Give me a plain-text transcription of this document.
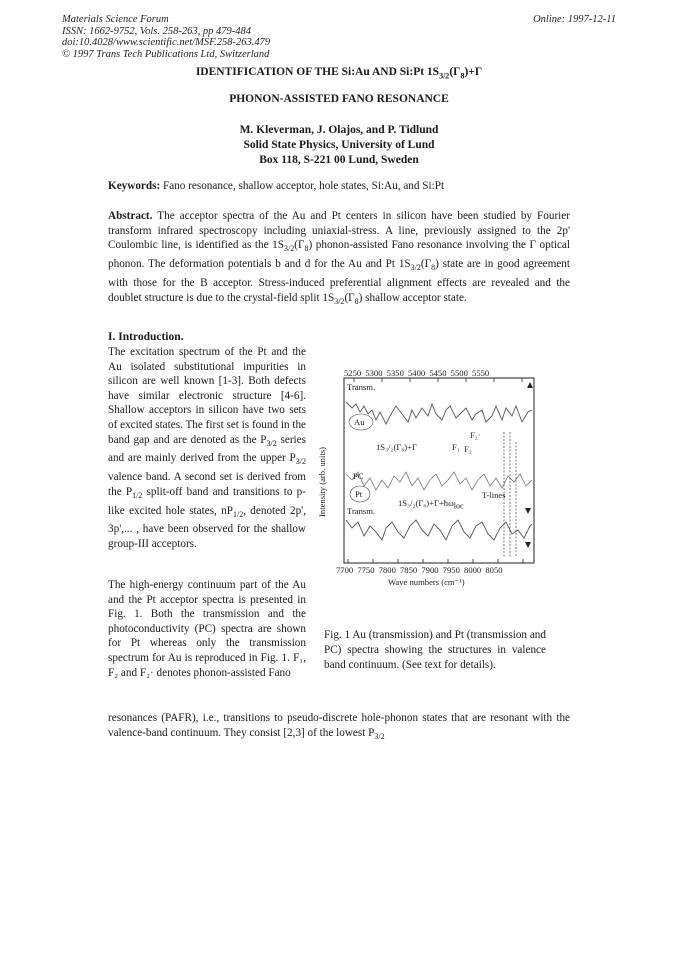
Materials Science Forum
ISSN: 1662-9752, Vols. 258-263, pp 479-484
doi:10.4028/www.scientific.net/MSF.258-263.479
© 1997 Trans Tech Publications Ltd, Switzerland
Online: 1997-12-11
IDENTIFICATION OF THE Si:Au AND Si:Pt $1S_{3/2}(\Gamma_8)+\Gamma$
PHONON-ASSISTED FANO RESONANCE
M. Kleverman, J. Olajos, and P. Tidlund
Solid State Physics, University of Lund
Box 118, S-221 00 Lund, Sweden
Keywords: Fano resonance, shallow acceptor, hole states, Si:Au, and Si:Pt
Abstract. The acceptor spectra of the Au and Pt centers in silicon have been studied by Fourier transform infrared spectroscopy including uniaxial-stress. A line, previously assigned to the 2p' Coulombic line, is identified as the $1S_{3/2}(\Gamma_8)$ phonon-assisted Fano resonance involving the Γ optical phonon. The deformation potentials b and d for the Au and Pt $1S_{3/2}(\Gamma_8)$ state are in good agreement with those for the B acceptor. Stress-induced preferential alignment effects are revealed and the doublet structure is due to the crystal-field split $1S_{3/2}(\Gamma_8)$ shallow acceptor state.
I. Introduction.
The excitation spectrum of the Pt and the Au isolated substitutional impurities in silicon are well known [1-3]. Both defects have similar electronic structure [4-6]. Shallow acceptors in silicon have two sets of excited states. The first set is found in the band gap and are denoted as the $P_{3/2}$ series and are mainly derived from the upper $P_{3/2}$ valence band. A second set is derived from the $P_{1/2}$ split-off band and transitions to p-like excited hole states, $nP_{1/2}$, denoted 2p', 3p',... , have been observed for the shallow group-III acceptors.
The high-energy continuum part of the Au and the Pt acceptor spectra is presented in Fig. 1. Both the transmission and the photoconductivity (PC) spectra are shown for Pt whereas only the transmission spectrum for Au is reproduced in Fig. 1. F₁, F₂ and F₂· denotes phonon-assisted Fano
resonances (PAFR), i.e., transitions to pseudo-discrete hole-phonon states that are resonant with the valence-band continuum. They consist [2,3] of the lowest $P_{3/2}$
5250 5300 5350 5400 5450 5500 5550
Transm.
Au
F₂·
1S₃/₂(Γ₈)+Γ	F₁ F₂
PC
Pt	T-lines
$1S_3/_2(\Gamma_8)+\Gamma+ħ\omega_{loc}$
Transm.
7700 7750 7800 7850 7900 7950 8000 8050
Wave numbers (cm⁻¹)
Intensity (arb. units)
Fig. 1 Au (transmission) and Pt (transmission and PC) spectra showing the structures in valence band continuum. (See text for details).
